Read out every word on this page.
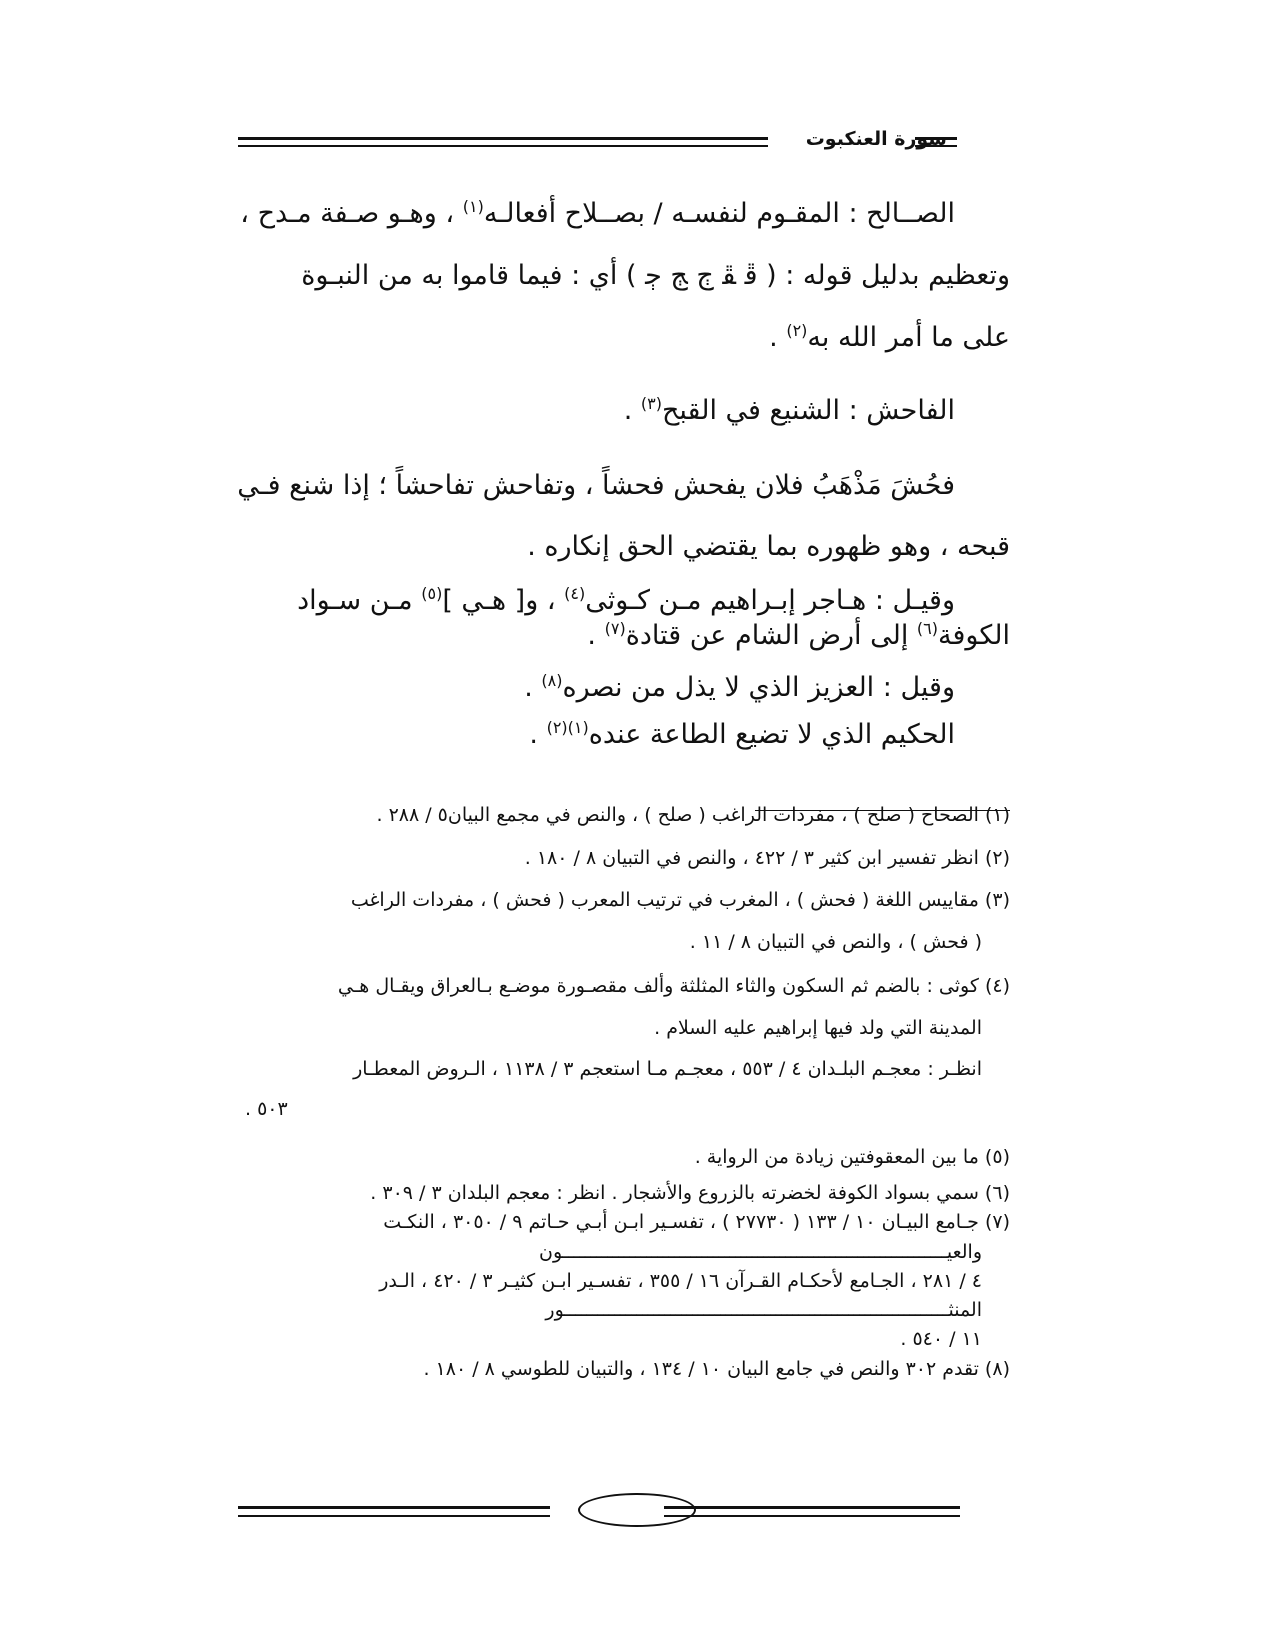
سورة العنكبوت
الصــالح : المقـوم لنفسـه / بصــلاح أفعالـه$^{(١)}$ ، وهـو صـفة مـدح ،
وتعظيم بدليل قوله : ( ﭰ ﭱ ﭲ ﭳ ﭴ ) أي : فيما قاموا به من النبـوة
على ما أمر الله به$^{(٢)}$ .
الفاحش : الشنيع في القبح$^{(٣)}$ .
فحُشَ مَذْهَبُ فلان يفحش فحشاً ، وتفاحش تفاحشاً ؛ إذا شنع فـي
قبحه ، وهو ظهوره بما يقتضي الحق إنكاره .
وقيـل : هـاجر إبـراهيم مـن كـوثى$^{(٤)}$ ، و[ هـي ]$^{(٥)}$ مـن سـواد
الكوفة$^{(٦)}$ إلى أرض الشام عن قتادة$^{(٧)}$ .
وقيل : العزيز الذي لا يذل من نصره$^{(٨)}$ .
الحكيم الذي لا تضيع الطاعة عنده$^{(١)(٢)}$ .
(١) الصحاح ( صلح ) ، مفردات الراغب ( صلح ) ، والنص في مجمع البيان٥ / ٢٨٨ .
(٢) انظر تفسير ابن كثير ٣ / ٤٢٢ ، والنص في التبيان ٨ / ١٨٠ .
(٣) مقاييس اللغة ( فحش ) ، المغرب في ترتيب المعرب ( فحش ) ، مفردات الراغب
( فحش ) ، والنص في التبيان ٨ / ١١ .
(٤) كوثى : بالضم ثم السكون والثاء المثلثة وألف مقصـورة موضـع بـالعراق ويقـال هـي
المدينة التي ولد فيها إبراهيم عليه السلام .
انظـر : معجـم البلـدان ٤ / ٥٥٣ ، معجـم مـا استعجم ٣ / ١١٣٨ ، الـروض المعطـار
٥٠٣ .
(٥) ما بين المعقوفتين زيادة من الرواية .
(٦) سمي بسواد الكوفة لخضرته بالزروع والأشجار . انظر : معجم البلدان ٣ / ٣٠٩ .
(٧) جـامع البيـان ١٠ / ١٣٣ ( ٢٧٧٣٠ ) ، تفسـير ابـن أبـي حـاتم ٩ / ٣٠٥٠ ، النكـت
والعيـــــــــــــــــــــــــــــــــــــــــــــــــــــــــــــــــــــون
٤ / ٢٨١ ، الجـامع لأحكـام القـرآن ١٦ / ٣٥٥ ، تفسـير ابـن كثيـر ٣ / ٤٢٠ ، الـدر
المنثـــــــــــــــــــــــــــــــــــــــــــــــــــــــــــــــــــــور
١١ / ٥٤٠ .
(٨) تقدم ٣٠٢ والنص في جامع البيان ١٠ / ١٣٤ ، والتبيان للطوسي ٨ / ١٨٠ .
